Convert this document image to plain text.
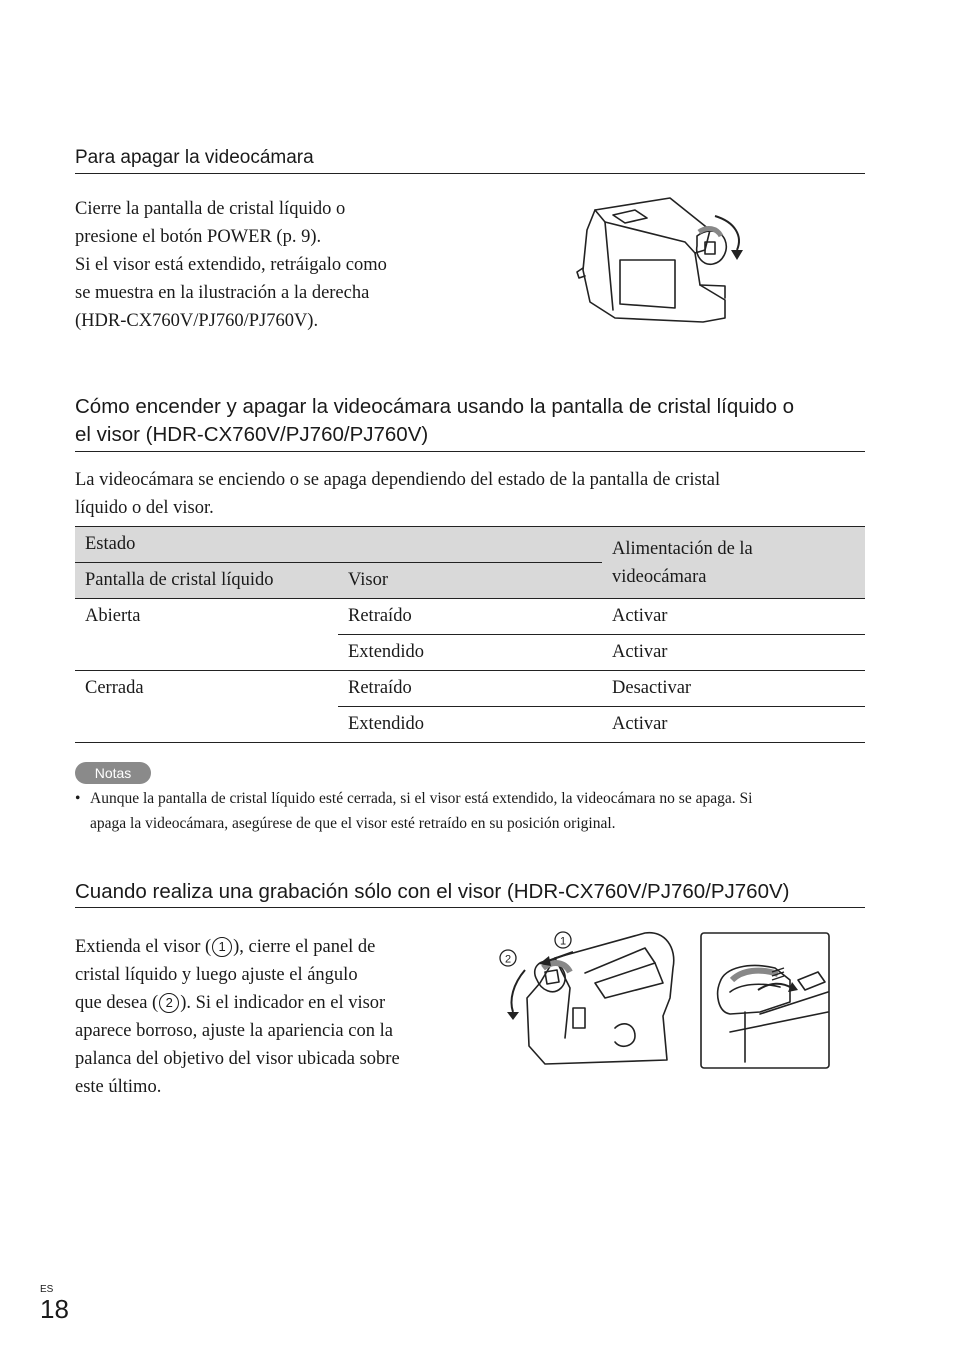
Para apagar la videocámara
Cierre la pantalla de cristal líquido o
presione el botón POWER (p. 9).
Si el visor está extendido, retráigalo como
se muestra en la ilustración a la derecha
(HDR-CX760V/PJ760/PJ760V).
Cómo encender y apagar la videocámara usando la pantalla de cristal líquido o
el visor (HDR-CX760V/PJ760/PJ760V)
La videocámara se enciendo o se apaga dependiendo del estado de la pantalla de cristal
líquido o del visor.
Estado		Alimentación de la
videocámara

Pantalla de cristal líquido	Visor	
Abierta	Retraído	Activar
	Extendido	Activar
Cerrada	Retraído	Desactivar
	Extendido	Activar
Notas
• Aunque la pantalla de cristal líquido esté cerrada, si el visor está extendido, la videocámara no se apaga. Si
apaga la videocámara, asegúrese de que el visor esté retraído en su posición original.
Cuando realiza una grabación sólo con el visor (HDR-CX760V/PJ760/PJ760V)
Extienda el visor ( 1 ), cierre el panel de
cristal líquido y luego ajuste el ángulo
que desea ( 2 ). Si el indicador en el visor
aparece borroso, ajuste la apariencia con la
palanca del objetivo del visor ubicada sobre
este último.
2
1
ES
18
